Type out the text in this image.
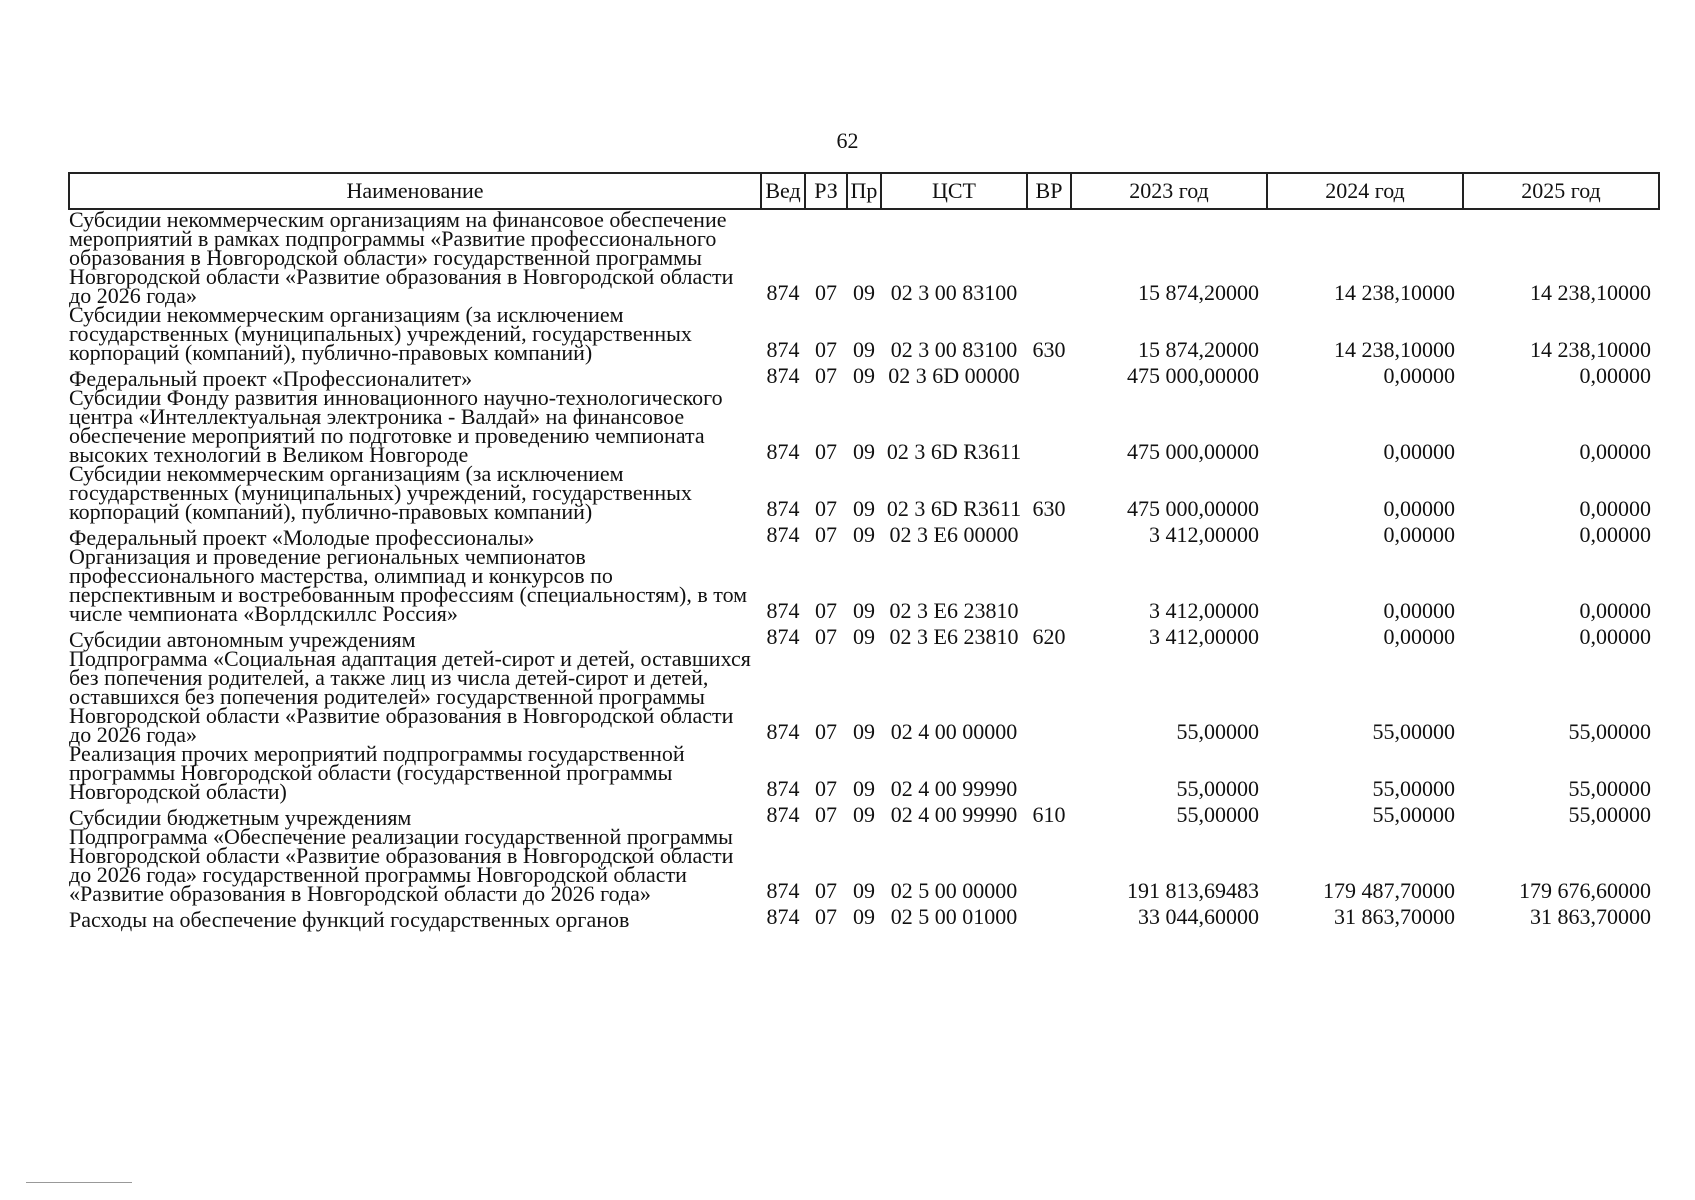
62
Наименование	Вед	РЗ	Пр	ЦСТ	ВР	2023 год	2024 год	2025 год
Субсидии некоммерческим организациям на финансовое обеспечение мероприятий в рамках подпрограммы «Развитие профессионального образования в Новгородской области» государственной программы Новгородской области «Развитие образования в Новгородской области до 2026 года»	874	07	09	02 3 00 83100		15 874,20000	14 238,10000	14 238,10000
Субсидии некоммерческим организациям (за исключением государственных (муниципальных) учреждений, государственных корпораций (компаний), публично-правовых компаний)	874	07	09	02 3 00 83100	630	15 874,20000	14 238,10000	14 238,10000
Федеральный проект «Профессионалитет»	874	07	09	02 3 6D 00000		475 000,00000	0,00000	0,00000
Субсидии Фонду развития инновационного научно-технологического центра «Интеллектуальная электроника - Валдай» на финансовое обеспечение мероприятий по подготовке и проведению чемпионата высоких технологий в Великом Новгороде	874	07	09	02 3 6D R3611		475 000,00000	0,00000	0,00000
Субсидии некоммерческим организациям (за исключением государственных (муниципальных) учреждений, государственных корпораций (компаний), публично-правовых компаний)	874	07	09	02 3 6D R3611	630	475 000,00000	0,00000	0,00000
Федеральный проект «Молодые профессионалы»	874	07	09	02 3 E6 00000		3 412,00000	0,00000	0,00000
Организация и проведение региональных чемпионатов профессионального мастерства, олимпиад и конкурсов по перспективным и востребованным профессиям (специальностям), в том числе чемпионата «Ворлдскиллс Россия»	874	07	09	02 3 E6 23810		3 412,00000	0,00000	0,00000
Субсидии автономным учреждениям	874	07	09	02 3 E6 23810	620	3 412,00000	0,00000	0,00000
Подпрограмма «Социальная адаптация детей-сирот и детей, оставшихся без попечения родителей, а также лиц из числа детей-сирот и детей, оставшихся без попечения родителей» государственной программы Новгородской области «Развитие образования в Новгородской области до 2026 года»	874	07	09	02 4 00 00000		55,00000	55,00000	55,00000
Реализация прочих мероприятий подпрограммы государственной программы Новгородской области (государственной программы Новгородской области)	874	07	09	02 4 00 99990		55,00000	55,00000	55,00000
Субсидии бюджетным учреждениям	874	07	09	02 4 00 99990	610	55,00000	55,00000	55,00000
Подпрограмма «Обеспечение реализации государственной программы Новгородской области «Развитие образования в Новгородской области до 2026 года» государственной программы Новгородской области «Развитие образования в Новгородской области до 2026 года»	874	07	09	02 5 00 00000		191 813,69483	179 487,70000	179 676,60000
Расходы на обеспечение функций государственных органов	874	07	09	02 5 00 01000		33 044,60000	31 863,70000	31 863,70000
